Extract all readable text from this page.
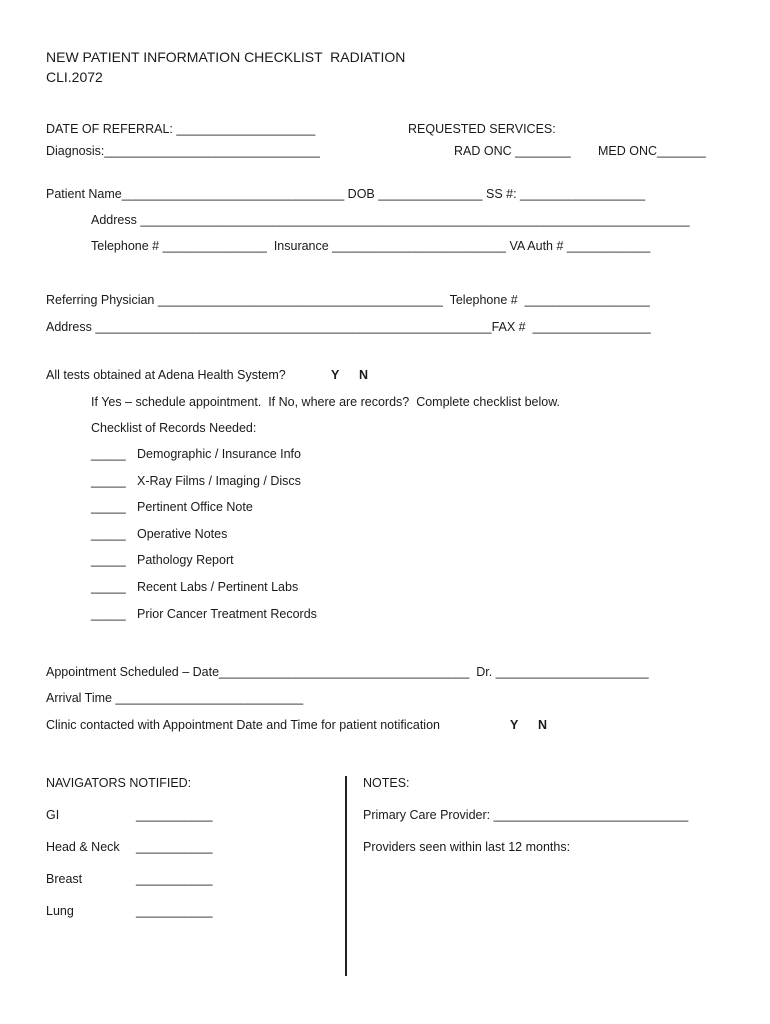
NEW PATIENT INFORMATION CHECKLIST  RADIATION
CLI.2072
DATE OF REFERRAL: ____________________
Diagnosis:_______________________________
REQUESTED SERVICES:
RAD ONC ________ MED ONC_______
Patient Name________________________________ DOB _______________ SS #: __________________
Address _______________________________________________________________________________
Telephone # _______________  Insurance _________________________ VA Auth # ____________
Referring Physician _________________________________________  Telephone #  __________________
Address _________________________________________________________FAX #  _________________
All tests obtained at Adena Health System?	Y N
If Yes – schedule appointment.  If No, where are records?  Complete checklist below.
Checklist of Records Needed:
_____ Demographic / Insurance Info
_____ X-Ray Films / Imaging / Discs
_____ Pertinent Office Note
_____ Operative Notes
_____ Pathology Report
_____ Recent Labs / Pertinent Labs
_____ Prior Cancer Treatment Records
Appointment Scheduled – Date____________________________________  Dr. ______________________
Arrival Time ___________________________
Clinic contacted with Appointment Date and Time for patient notification	Y N
NAVIGATORS NOTIFIED:
GI	___________
Head & Neck ___________
Breast	___________
Lung	___________
NOTES:
Primary Care Provider: ____________________________
Providers seen within last 12 months:
